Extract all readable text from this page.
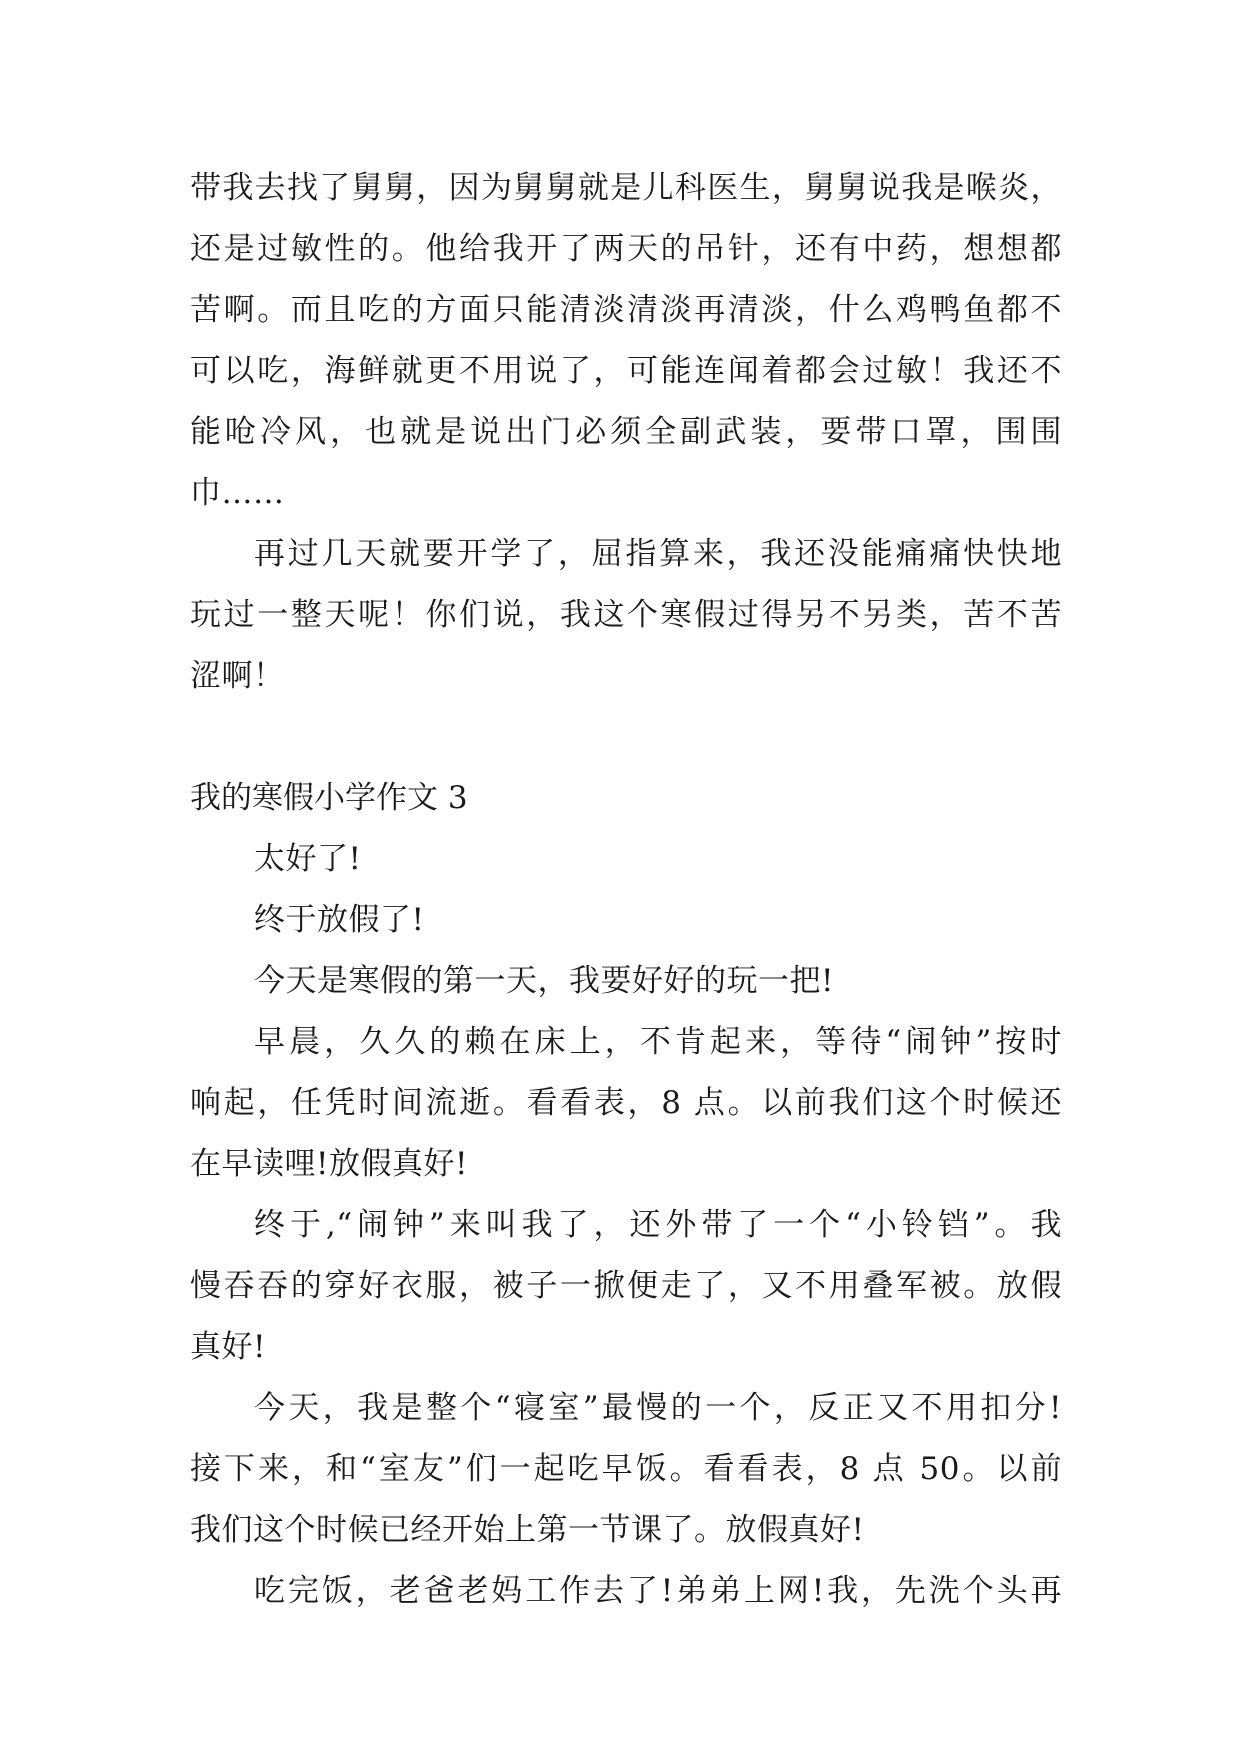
带我去找了舅舅，因为舅舅就是儿科医生，舅舅说我是喉炎，
还是过敏性的。他给我开了两天的吊针，还有中药，想想都
苦啊。而且吃的方面只能清淡清淡再清淡，什么鸡鸭鱼都不
可以吃，海鲜就更不用说了，可能连闻着都会过敏！我还不
能呛冷风，也就是说出门必须全副武装，要带口罩，围围
巾……
再过几天就要开学了，屈指算来，我还没能痛痛快快地
玩过一整天呢！你们说，我这个寒假过得另不另类，苦不苦
涩啊！
我的寒假小学作文 3
太好了!
终于放假了!
今天是寒假的第一天，我要好好的玩一把!
早晨，久久的赖在床上，不肯起来，等待“闹钟”按时
响起，任凭时间流逝。看看表，8 点。以前我们这个时候还
在早读哩!放假真好!
终于,“闹钟”来叫我了，还外带了一个“小铃铛”。我
慢吞吞的穿好衣服，被子一掀便走了，又不用叠军被。放假
真好!
今天，我是整个“寝室”最慢的一个，反正又不用扣分!
接下来，和“室友”们一起吃早饭。看看表，8 点 50。以前
我们这个时候已经开始上第一节课了。放假真好!
吃完饭，老爸老妈工作去了!弟弟上网!我，先洗个头再
